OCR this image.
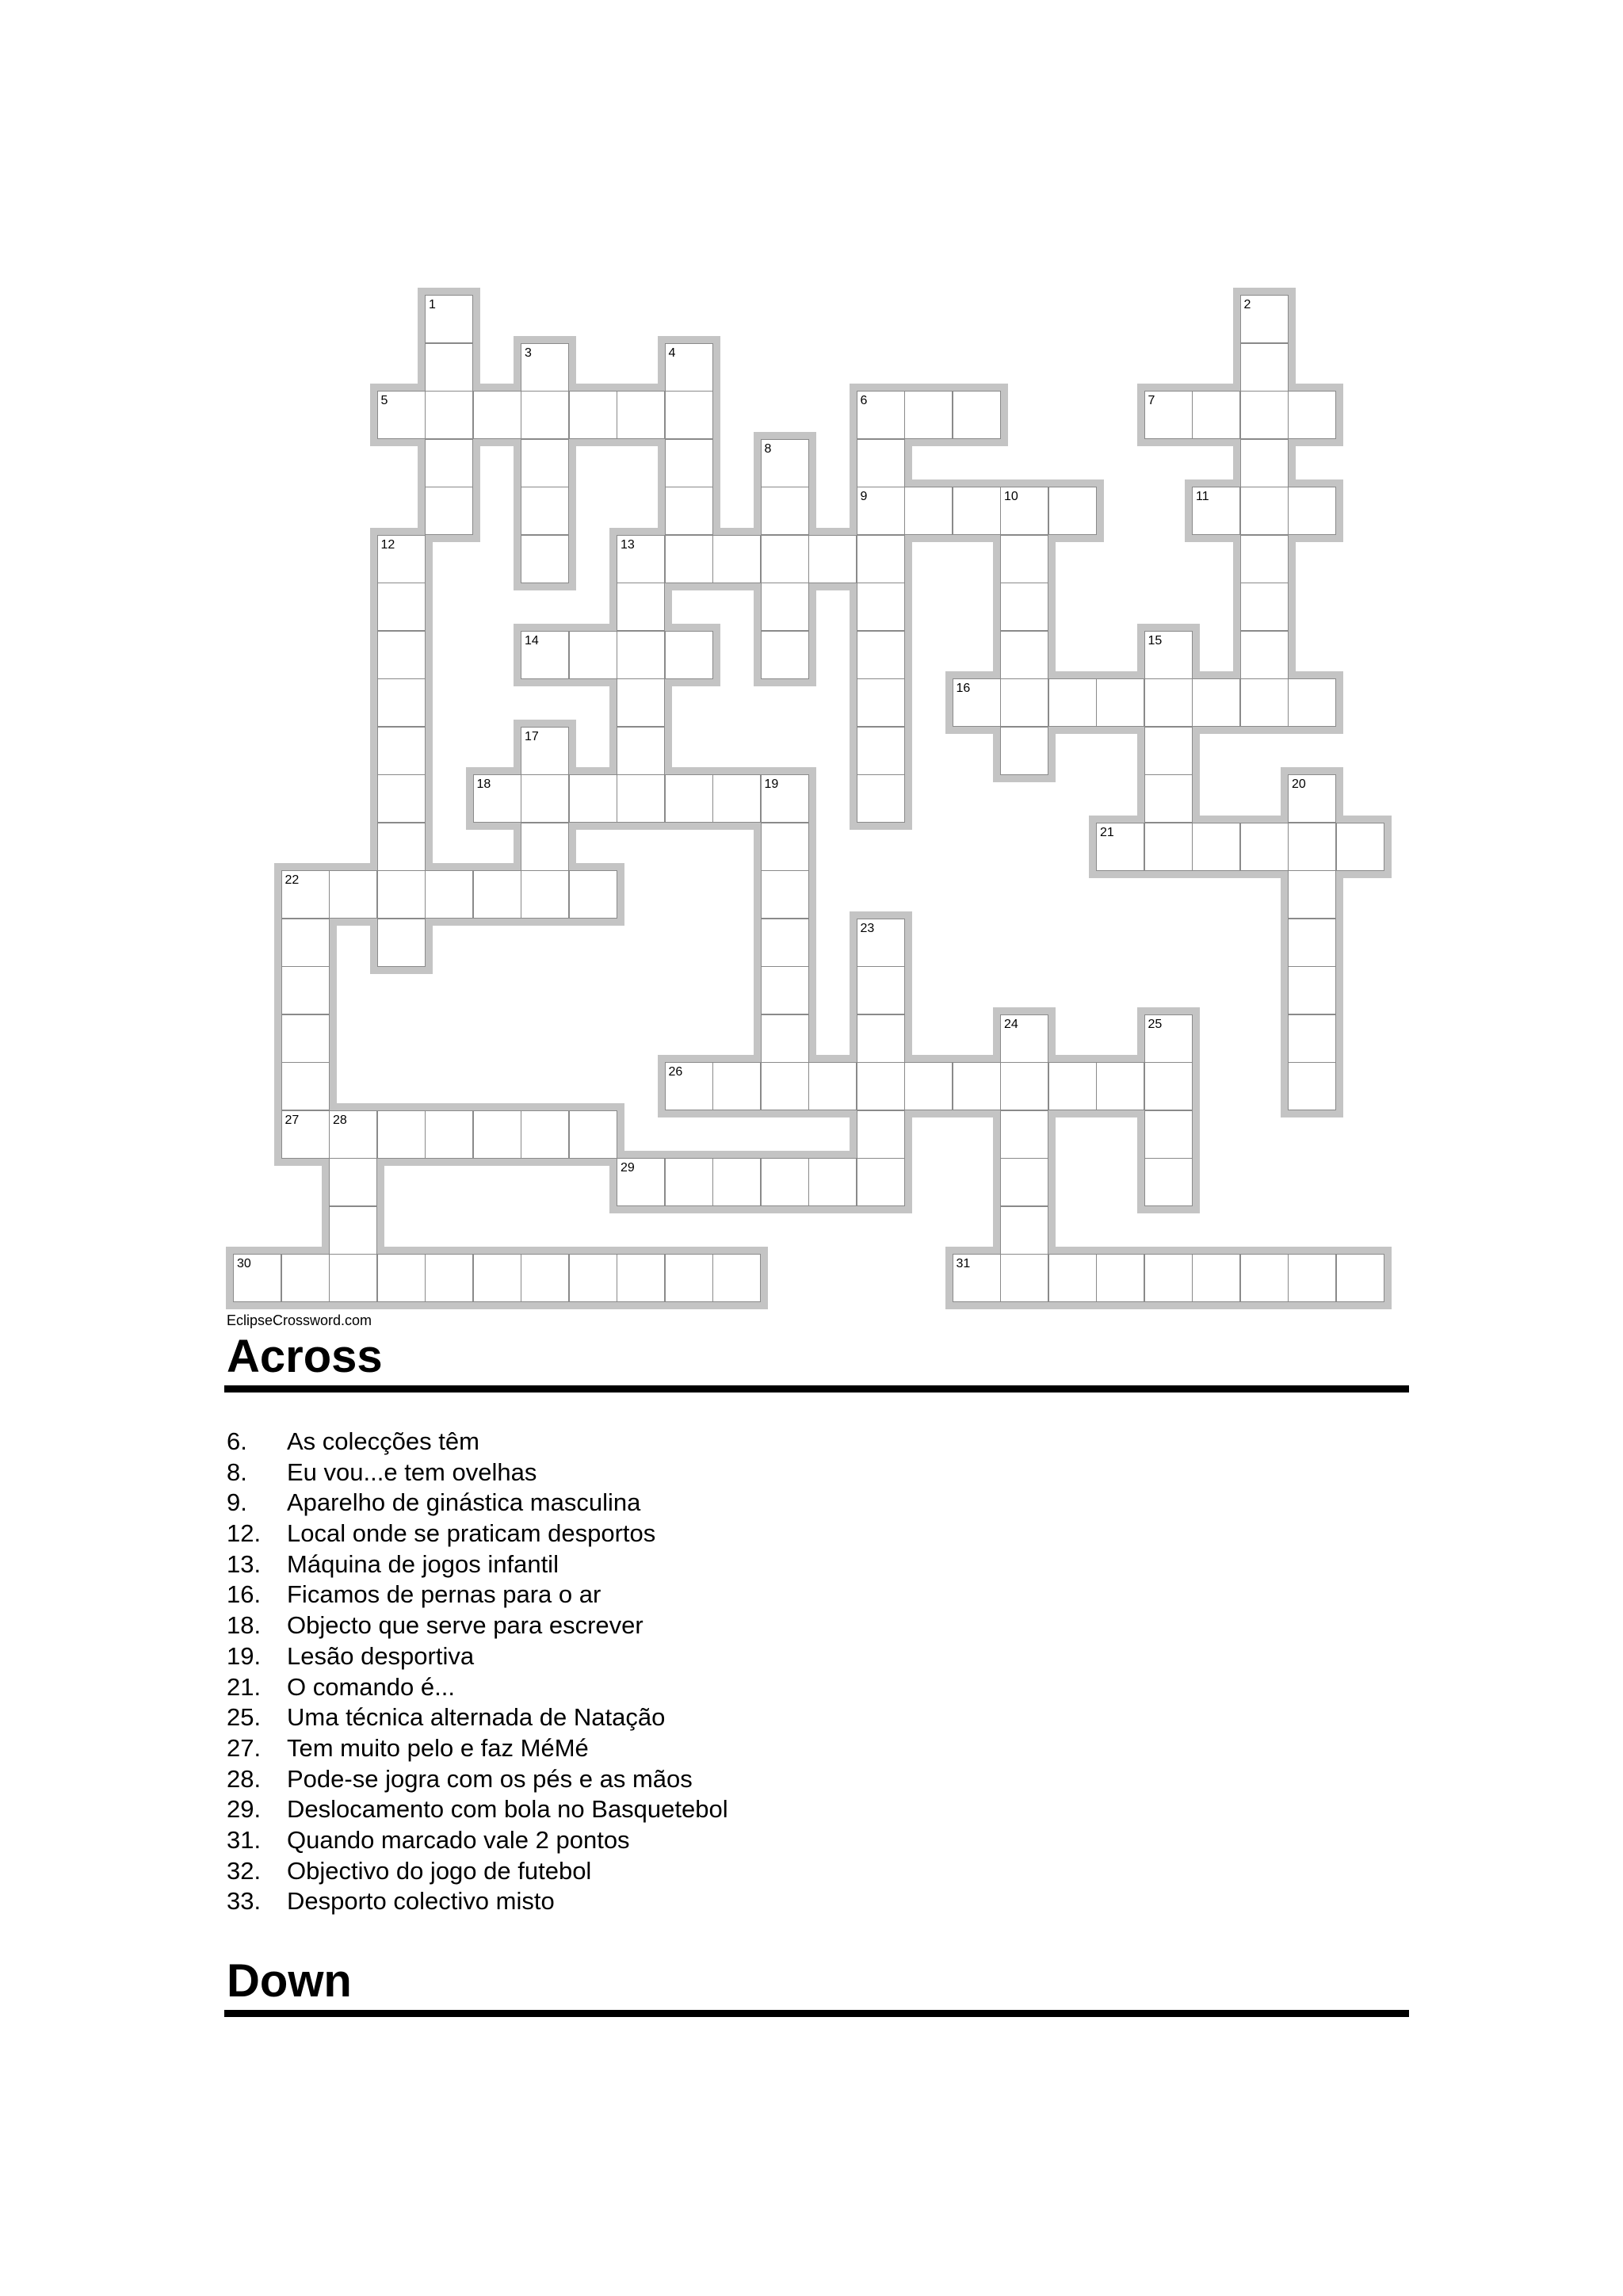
1	2
3	4
5	6	7
8
9	10	11
12	13
14	15
16
17
18	19	20
21
22
23
24	25
26
27	28
29
30	31
EclipseCrossword.com
Across
6.	As colecções têm
8.	Eu vou...e tem ovelhas
9.	Aparelho de ginástica masculina
12.	Local onde se praticam desportos
13.	Máquina de jogos infantil
16.	Ficamos de pernas para o ar
18.	Objecto que serve para escrever
19.	Lesão desportiva
21.	O comando é...
25.	Uma técnica alternada de Natação
27.	Tem muito pelo e faz MéMé
28.	Pode-se jogra com os pés e as mãos
29.	Deslocamento com bola no Basquetebol
31.	Quando marcado vale 2 pontos
32.	Objectivo do jogo de futebol
33.	Desporto colectivo misto
Down
